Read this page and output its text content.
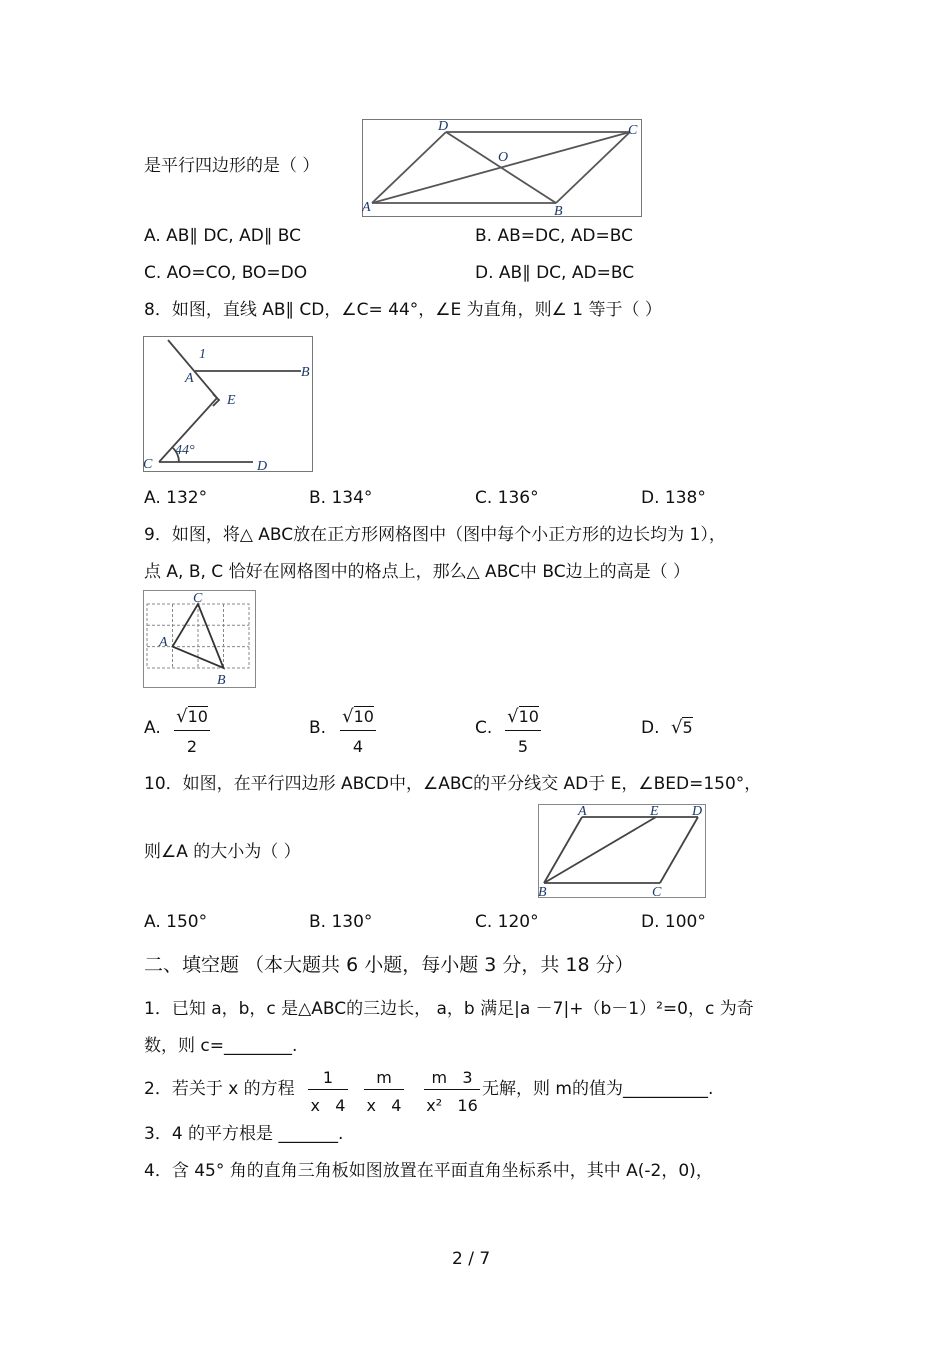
是平行四边形的是（ ）
D	C
O
A	B
A. AB∥ DC, AD∥ BC	B. AB=DC, AD=BC
C. AO=CO, BO=DO	D. AB∥ DC, AD=BC
8．如图，直线 AB∥ CD，∠C= 44°，∠E 为直角，则∠ 1 等于（ ）
1
A	B
E
44°
C	D
A. 132°	B. 134°	C. 136°	D. 138°
9．如图，将△ ABC放在正方形网格图中（图中每个小正方形的边长均为 1），
点 A, B, C 恰好在网格图中的格点上，那么△ ABC中 BC边上的高是（ ）
C
A
B
A.
√10
2
B.
√10
4
C.
√10
5
D. √5
10．如图，在平行四边形 ABCD中，∠ABC的平分线交 AD于 E，∠BED=150°，
则∠A 的大小为（ ）
A	E D
B	C
A. 150°	B. 130°	C. 120°	D. 100°
二、填空题 （本大题共 6 小题，每小题 3 分，共 18 分）
1．已知 a，b，c 是△ABC的三边长， a，b 满足|a －7|+（b－1）²=0，c 为奇
数，则 c=________.
2．若关于 x 的方程
1
x   4
m
x   4
m   3
x²   16
无解，则 m的值为__________.
3．4 的平方根是 _______.
4．含 45° 角的直角三角板如图放置在平面直角坐标系中，其中 A(-2，0)，
2 / 7
